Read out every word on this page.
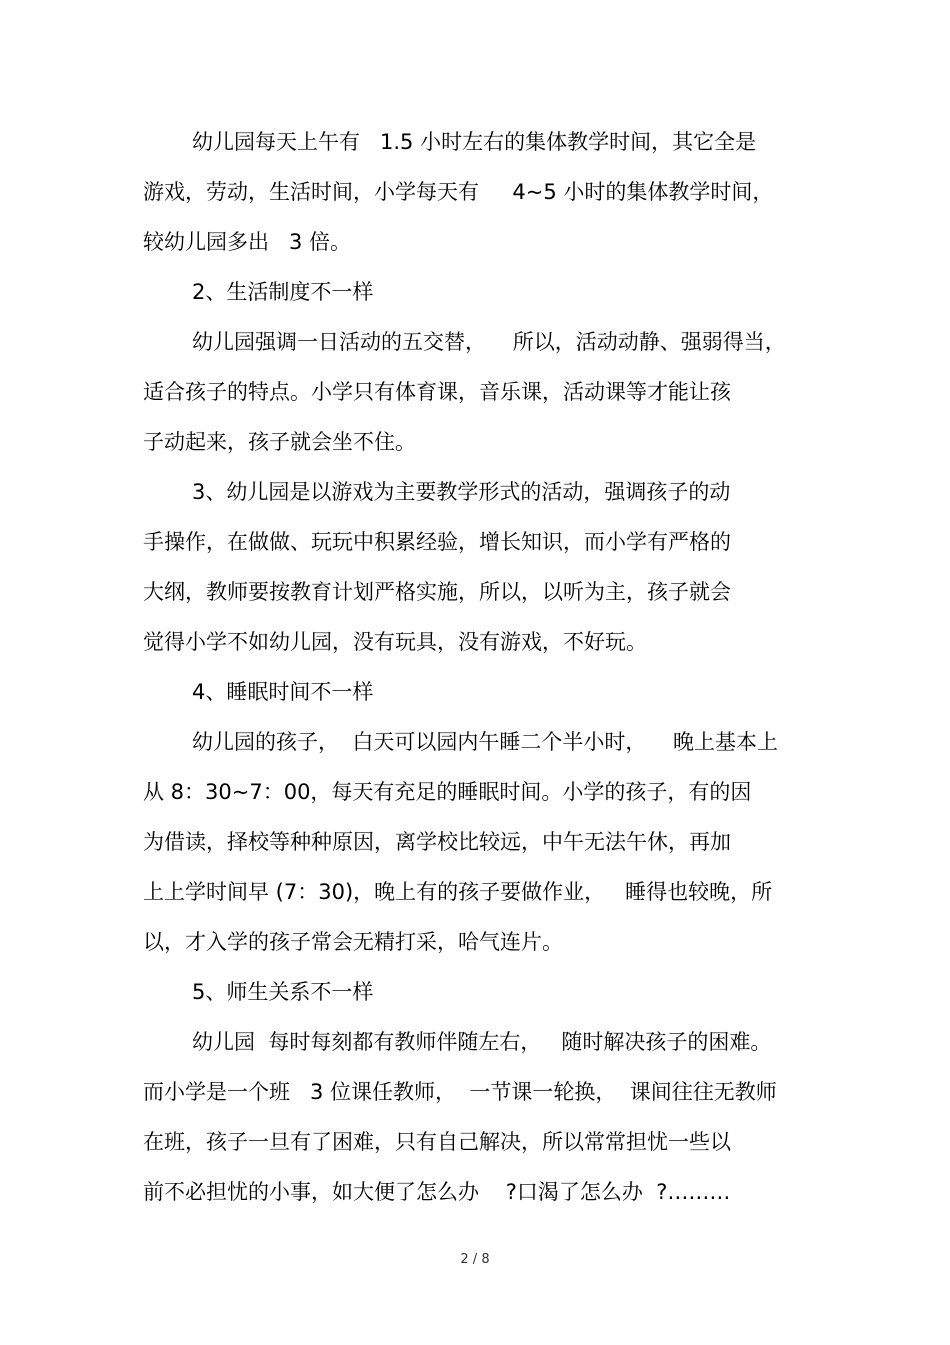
幼儿园每天上午有   1.5 小时左右的集体教学时间，其它全是

游戏，劳动，生活时间，小学每天有     4~5 小时的集体教学时间，

较幼儿园多出   3 倍。

2、生活制度不一样

幼儿园强调一日活动的五交替，    所以，活动动静、强弱得当，

适合孩子的特点。小学只有体育课，音乐课，活动课等才能让孩

子动起来，孩子就会坐不住。

3、幼儿园是以游戏为主要教学形式的活动，强调孩子的动

手操作，在做做、玩玩中积累经验，增长知识，而小学有严格的

大纲，教师要按教育计划严格实施，所以，以听为主，孩子就会

觉得小学不如幼儿园，没有玩具，没有游戏，不好玩。

4、睡眠时间不一样

幼儿园的孩子，  白天可以园内午睡二个半小时，    晚上基本上

从 8：30~7：00，每天有充足的睡眠时间。小学的孩子，有的因

为借读，择校等种种原因，离学校比较远，中午无法午休，再加

上上学时间早 (7：30)，晚上有的孩子要做作业，   睡得也较晚，所

以，才入学的孩子常会无精打采，哈气连片。

5、师生关系不一样

幼儿园  每时每刻都有教师伴随左右，   随时解决孩子的困难。

而小学是一个班   3 位课任教师，  一节课一轮换，  课间往往无教师

在班，孩子一旦有了困难，只有自己解决，所以常常担忧一些以

前不必担忧的小事，如大便了怎么办    ?口渴了怎么办  ?………

2 / 8
